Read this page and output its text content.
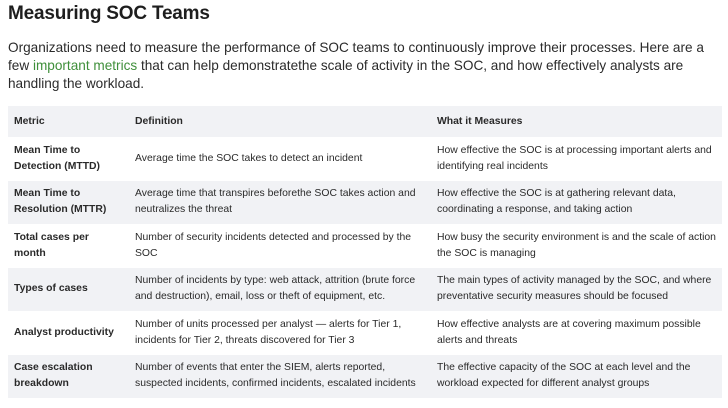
Measuring SOC Teams

Organizations need to measure the performance of SOC teams to continuously improve their processes. Here are a few important metrics that can help demonstratethe scale of activity in the SOC, and how effectively analysts are handling the workload.

Metric	Definition	What it Measures
Mean Time to Detection (MTTD)	Average time the SOC takes to detect an incident	How effective the SOC is at processing important alerts and identifying real incidents
Mean Time to Resolution (MTTR)	Average time that transpires beforethe SOC takes action and neutralizes the threat	How effective the SOC is at gathering relevant data, coordinating a response, and taking action
Total cases per month	Number of security incidents detected and processed by the SOC	How busy the security environment is and the scale of action the SOC is managing
Types of cases	Number of incidents by type: web attack, attrition (brute force and destruction), email, loss or theft of equipment, etc.	The main types of activity managed by the SOC, and where preventative security measures should be focused
Analyst productivity	Number of units processed per analyst — alerts for Tier 1, incidents for Tier 2, threats discovered for Tier 3	How effective analysts are at covering maximum possible alerts and threats
Case escalation breakdown	Number of events that enter the SIEM, alerts reported, suspected incidents, confirmed incidents, escalated incidents	The effective capacity of the SOC at each level and the workload expected for different analyst groups
